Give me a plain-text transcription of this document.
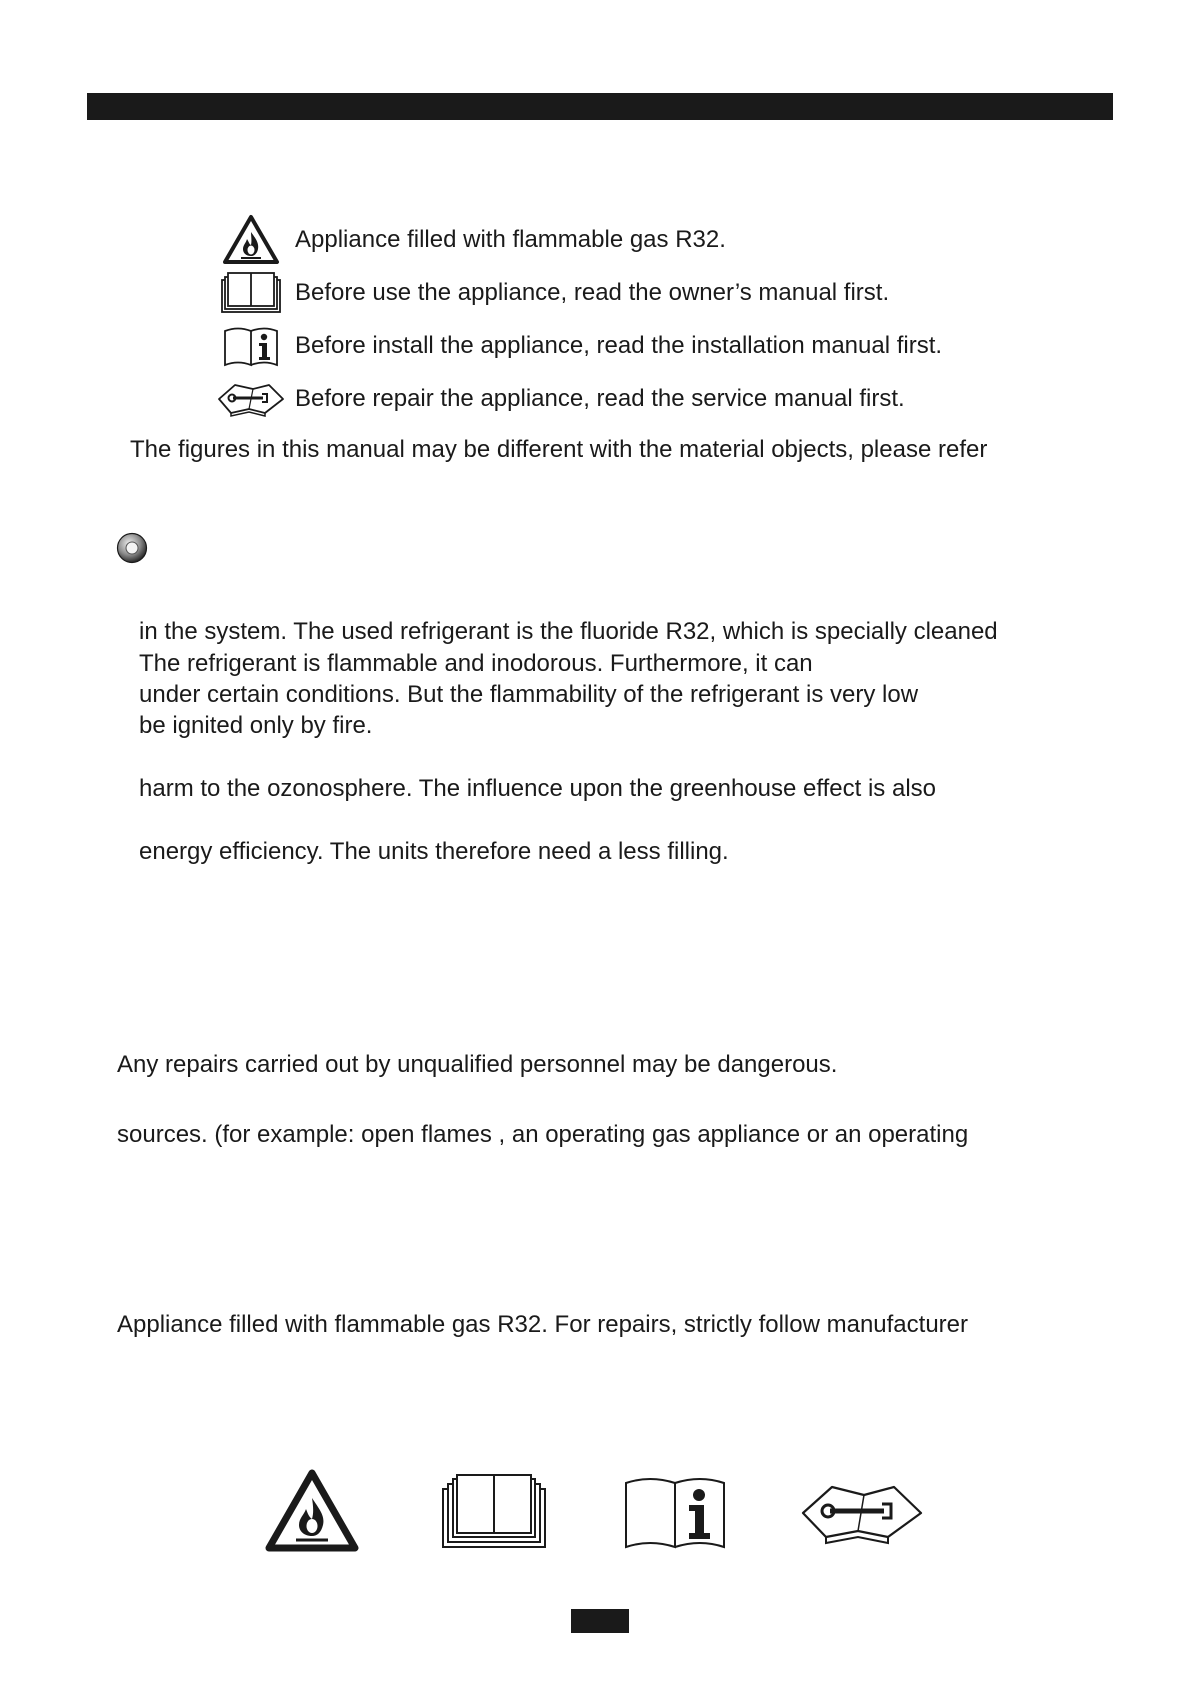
Appliance filled with flammable gas R32.
Before use the appliance, read the owner’s manual first.
Before install the appliance, read the installation manual first.
Before repair the appliance, read the service manual first.
The figures in this manual may be different with the material objects, please refer
in the system. The used refrigerant is the fluoride R32, which is specially cleaned
The refrigerant is flammable and inodorous. Furthermore, it can
under certain conditions. But the flammability of the refrigerant is very low
be ignited only by fire.
harm to the ozonosphere. The influence upon the greenhouse effect is also
energy efficiency. The units therefore need a less filling.
Any repairs carried out by unqualified personnel may be dangerous.
sources. (for example: open flames , an operating gas appliance or an operating
Appliance filled with flammable gas R32. For repairs, strictly follow manufacturer
